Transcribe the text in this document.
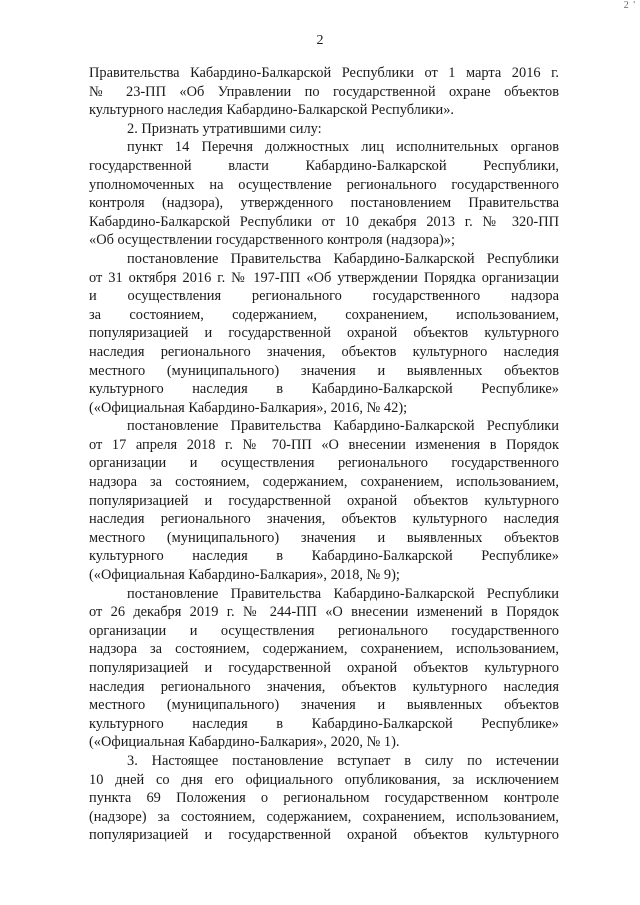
2 '
2
Правительства Кабардино-Балкарской Республики от 1 марта 2016 г.
№ 23-ПП «Об Управлении по государственной охране объектов
культурного наследия Кабардино-Балкарской Республики».
2. Признать утратившими силу:
пункт 14 Перечня должностных лиц исполнительных органов
государственной власти Кабардино-Балкарской Республики,
уполномоченных на осуществление регионального государственного
контроля (надзора), утвержденного постановлением Правительства
Кабардино-Балкарской Республики от 10 декабря 2013 г. № 320-ПП
«Об осуществлении государственного контроля (надзора)»;
постановление Правительства Кабардино-Балкарской Республики
от 31 октября 2016 г. № 197-ПП «Об утверждении Порядка организации
и осуществления регионального государственного надзора
за состоянием, содержанием, сохранением, использованием,
популяризацией и государственной охраной объектов культурного
наследия регионального значения, объектов культурного наследия
местного (муниципального) значения и выявленных объектов
культурного наследия в Кабардино-Балкарской Республике»
(«Официальная Кабардино-Балкария», 2016, № 42);
постановление Правительства Кабардино-Балкарской Республики
от 17 апреля 2018 г. № 70-ПП «О внесении изменения в Порядок
организации и осуществления регионального государственного
надзора за состоянием, содержанием, сохранением, использованием,
популяризацией и государственной охраной объектов культурного
наследия регионального значения, объектов культурного наследия
местного (муниципального) значения и выявленных объектов
культурного наследия в Кабардино-Балкарской Республике»
(«Официальная Кабардино-Балкария», 2018, № 9);
постановление Правительства Кабардино-Балкарской Республики
от 26 декабря 2019 г. № 244-ПП «О внесении изменений в Порядок
организации и осуществления регионального государственного
надзора за состоянием, содержанием, сохранением, использованием,
популяризацией и государственной охраной объектов культурного
наследия регионального значения, объектов культурного наследия
местного (муниципального) значения и выявленных объектов
культурного наследия в Кабардино-Балкарской Республике»
(«Официальная Кабардино-Балкария», 2020, № 1).
3. Настоящее постановление вступает в силу по истечении
10 дней со дня его официального опубликования, за исключением
пункта 69 Положения о региональном государственном контроле
(надзоре) за состоянием, содержанием, сохранением, использованием,
популяризацией и государственной охраной объектов культурного
